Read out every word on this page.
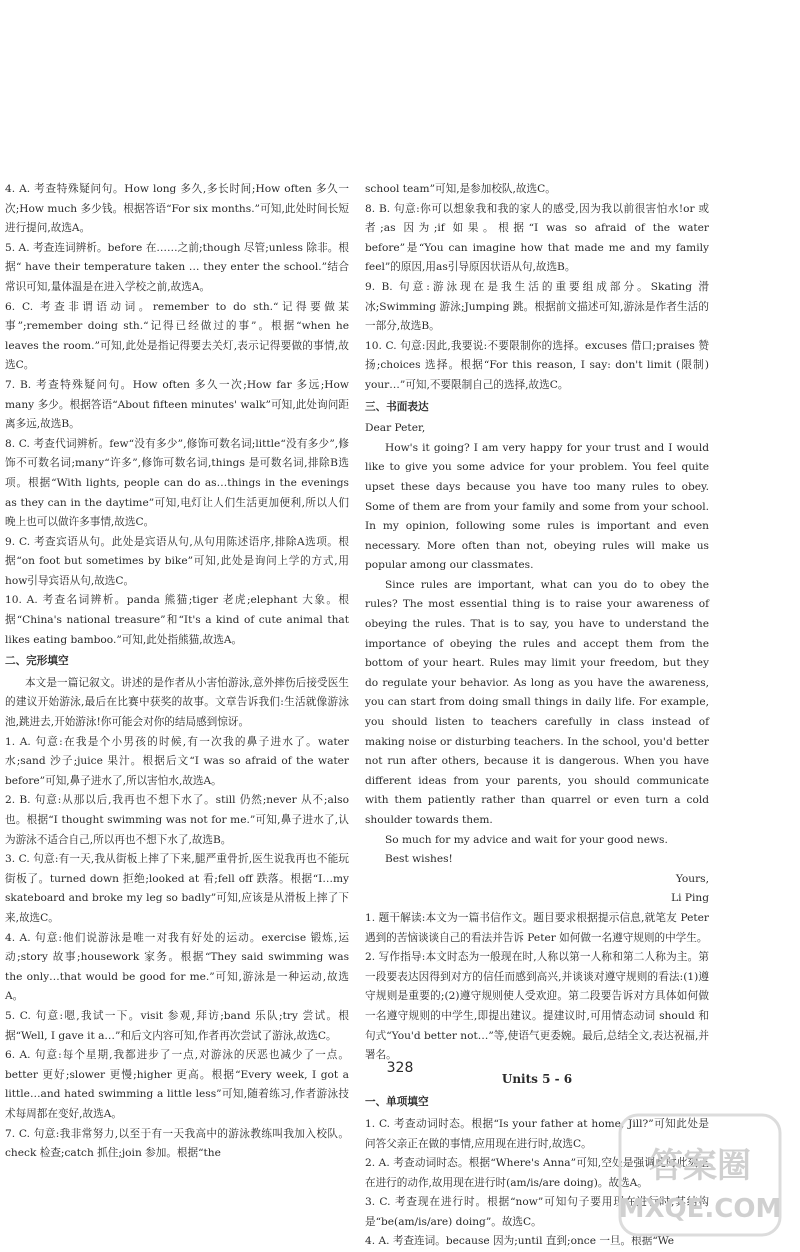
4. A. 考查特殊疑问句。How long 多久,多长时间;How often 多久一次;How much 多少钱。根据答语“For six months.”可知,此处时间长短进行提问,故选A。

5. A. 考查连词辨析。before 在……之前;though 尽管;unless 除非。根据“ have their temperature taken … they enter the school.”结合常识可知,量体温是在进入学校之前,故选A。

6. C. 考查非谓语动词。remember to do sth.“记得要做某事”;remember doing sth.“记得已经做过的事”。根据“when he leaves the room.”可知,此处是指记得要去关灯,表示记得要做的事情,故选C。

7. B. 考查特殊疑问句。How often 多久一次;How far 多远;How many 多少。根据答语“About fifteen minutes' walk”可知,此处询问距离多远,故选B。

8. C. 考查代词辨析。few“没有多少”,修饰可数名词;little“没有多少”,修饰不可数名词;many“许多”,修饰可数名词,things 是可数名词,排除B选项。根据“With lights, people can do as…things in the evenings as they can in the daytime”可知,电灯让人们生活更加便利,所以人们晚上也可以做许多事情,故选C。

9. C. 考查宾语从句。此处是宾语从句,从句用陈述语序,排除A选项。根据“on foot but sometimes by bike”可知,此处是询问上学的方式,用how引导宾语从句,故选C。

10. A. 考查名词辨析。panda 熊猫;tiger 老虎;elephant 大象。根据“China's national treasure”和“It's a kind of cute animal that likes eating bamboo.”可知,此处指熊猫,故选A。

二、完形填空

本文是一篇记叙文。讲述的是作者从小害怕游泳,意外摔伤后接受医生的建议开始游泳,最后在比赛中获奖的故事。文章告诉我们:生活就像游泳池,跳进去,开始游泳!你可能会对你的结局感到惊讶。

1. A. 句意:在我是个小男孩的时候,有一次我的鼻子进水了。water 水;sand 沙子;juice 果汁。根据后文“I was so afraid of the water before”可知,鼻子进水了,所以害怕水,故选A。

2. B. 句意:从那以后,我再也不想下水了。still 仍然;never 从不;also 也。根据“I thought swimming was not for me.”可知,鼻子进水了,认为游泳不适合自己,所以再也不想下水了,故选B。

3. C. 句意:有一天,我从街板上摔了下来,腿严重骨折,医生说我再也不能玩街板了。turned down 拒绝;looked at 看;fell off 跌落。根据“I…my skateboard and broke my leg so badly”可知,应该是从滑板上摔了下来,故选C。

4. A. 句意:他们说游泳是唯一对我有好处的运动。exercise 锻炼,运动;story 故事;housework 家务。根据“They said swimming was the only…that would be good for me.”可知,游泳是一种运动,故选A。

5. C. 句意:嗯,我试一下。visit 参观,拜访;band 乐队;try 尝试。根据“Well, I gave it a…”和后文内容可知,作者再次尝试了游泳,故选C。

6. A. 句意:每个星期,我都进步了一点,对游泳的厌恶也减少了一点。better 更好;slower 更慢;higher 更高。根据“Every week, I got a little…and hated swimming a little less”可知,随着练习,作者游泳技术每周都在变好,故选A。

7. C. 句意:我非常努力,以至于有一天我高中的游泳教练叫我加入校队。check 检查;catch 抓住;join 参加。根据“the

school team”可知,是参加校队,故选C。

8. B. 句意:你可以想象我和我的家人的感受,因为我以前很害怕水!or 或者;as 因为;if 如果。根据“I was so afraid of the water before”是“You can imagine how that made me and my family feel”的原因,用as引导原因状语从句,故选B。

9. B. 句意:游泳现在是我生活的重要组成部分。Skating 滑冰;Swimming 游泳;Jumping 跳。根据前文描述可知,游泳是作者生活的一部分,故选B。

10. C. 句意:因此,我要说:不要限制你的选择。excuses 借口;praises 赞扬;choices 选择。根据“For this reason, I say: don't limit (限制) your…”可知,不要限制自己的选择,故选C。

三、书面表达

Dear Peter,

How's it going? I am very happy for your trust and I would like to give you some advice for your problem. You feel quite upset these days because you have too many rules to obey. Some of them are from your family and some from your school. In my opinion, following some rules is important and even necessary. More often than not, obeying rules will make us popular among our classmates.

Since rules are important, what can you do to obey the rules? The most essential thing is to raise your awareness of obeying the rules. That is to say, you have to understand the importance of obeying the rules and accept them from the bottom of your heart. Rules may limit your freedom, but they do regulate your behavior. As long as you have the awareness, you can start from doing small things in daily life. For example, you should listen to teachers carefully in class instead of making noise or disturbing teachers. In the school, you'd better not run after others, because it is dangerous. When you have different ideas from your parents, you should communicate with them patiently rather than quarrel or even turn a cold shoulder towards them.

So much for my advice and wait for your good news.

Best wishes!

Yours,

Li Ping

1. 题干解读:本文为一篇书信作文。题目要求根据提示信息,就笔友 Peter 遇到的苦恼谈谈自己的看法并告诉 Peter 如何做一名遵守规则的中学生。

2. 写作指导:本文时态为一般现在时,人称以第一人称和第二人称为主。第一段要表达因得到对方的信任而感到高兴,并谈谈对遵守规则的看法:(1)遵守规则是重要的;(2)遵守规则使人受欢迎。第二段要告诉对方具体如何做一名遵守规则的中学生,即提出建议。提建议时,可用情态动词 should 和句式“You'd better not…”等,使语气更委婉。最后,总结全文,表达祝福,并署名。

Units 5 - 6

一、单项填空

1. C. 考查动词时态。根据“Is your father at home, Jill?”可知此处是问答父亲正在做的事情,应用现在进行时,故选C。

2. A. 考查动词时态。根据“Where's Anna”可知,空处是强调此时此刻正在进行的动作,故用现在进行时(am/is/are doing)。故选A。

3. C. 考查现在进行时。根据“now”可知句子要用现在进行时,其结构是“be(am/is/are) doing”。故选C。

4. A. 考查连词。because 因为;until 直到;once 一旦。根据“We

328
答案圈
MXQE.COM
